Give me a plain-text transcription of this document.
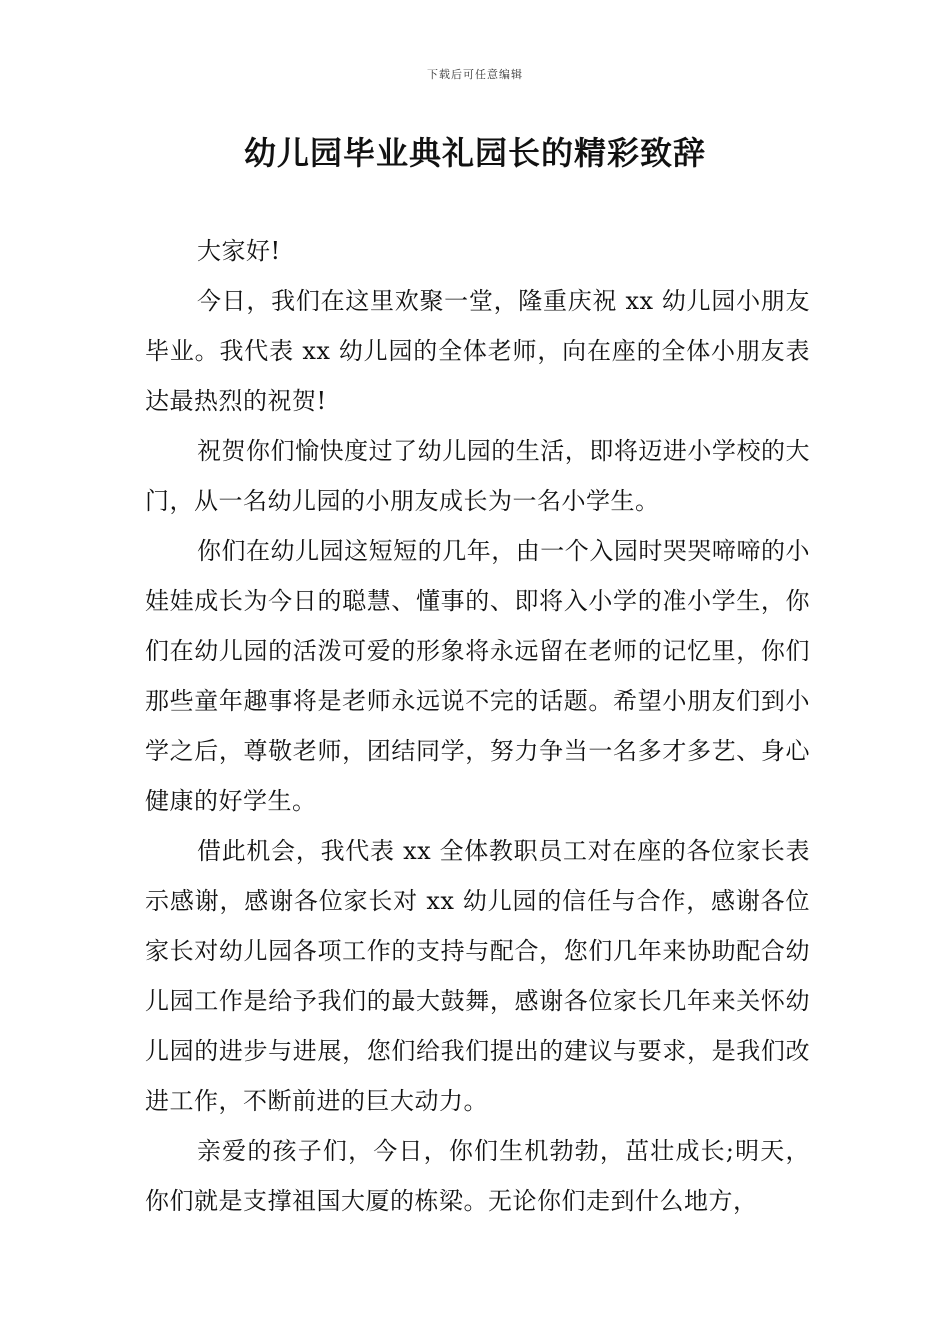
下载后可任意编辑
幼儿园毕业典礼园长的精彩致辞

大家好!

今日，我们在这里欢聚一堂，隆重庆祝 xx 幼儿园小朋友毕业。我代表 xx 幼儿园的全体老师，向在座的全体小朋友表达最热烈的祝贺!

祝贺你们愉快度过了幼儿园的生活，即将迈进小学校的大门，从一名幼儿园的小朋友成长为一名小学生。

你们在幼儿园这短短的几年，由一个入园时哭哭啼啼的小娃娃成长为今日的聪慧、懂事的、即将入小学的准小学生，你们在幼儿园的活泼可爱的形象将永远留在老师的记忆里，你们那些童年趣事将是老师永远说不完的话题。希望小朋友们到小学之后，尊敬老师，团结同学，努力争当一名多才多艺、身心健康的好学生。

借此机会，我代表 xx 全体教职员工对在座的各位家长表示感谢，感谢各位家长对 xx 幼儿园的信任与合作，感谢各位家长对幼儿园各项工作的支持与配合，您们几年来协助配合幼儿园工作是给予我们的最大鼓舞，感谢各位家长几年来关怀幼儿园的进步与进展，您们给我们提出的建议与要求，是我们改进工作，不断前进的巨大动力。

亲爱的孩子们，今日，你们生机勃勃，茁壮成长;明天，你们就是支撑祖国大厦的栋梁。无论你们走到什么地方，
